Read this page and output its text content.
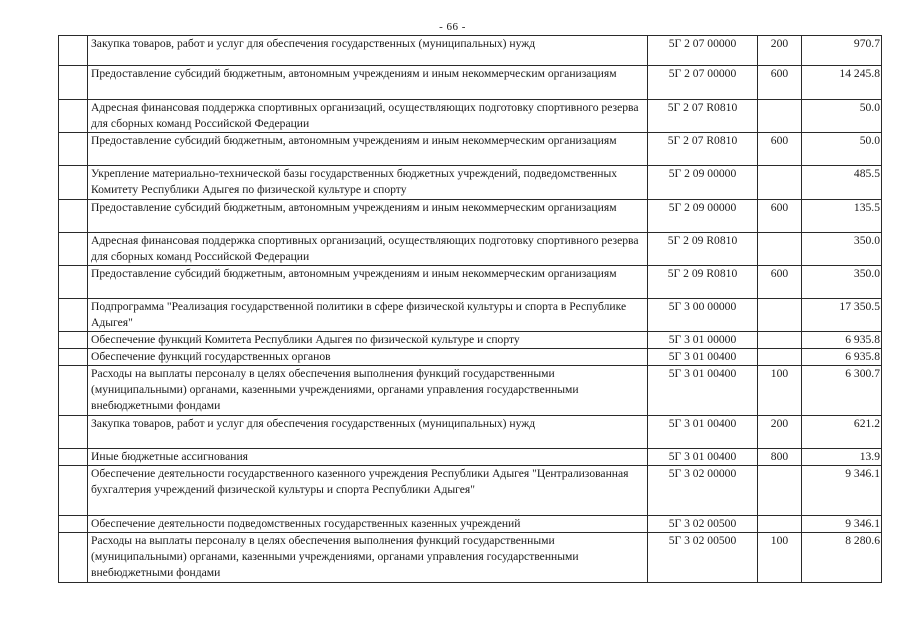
- 66 -
	Закупка товаров, работ и услуг для обеспечения государственных (муниципальных) нужд	5Г 2 07 00000	200	970.7
	Предоставление субсидий бюджетным, автономным учреждениям и иным некоммерческим организациям	5Г 2 07 00000	600	14 245.8
	Адресная финансовая поддержка спортивных организаций, осуществляющих подготовку спортивного резерва для сборных команд Российской Федерации	5Г 2 07 R0810		50.0
	Предоставление субсидий бюджетным, автономным учреждениям и иным некоммерческим организациям	5Г 2 07 R0810	600	50.0
	Укрепление материально-технической базы государственных бюджетных учреждений, подведомственных Комитету Республики Адыгея по физической культуре и спорту	5Г 2 09 00000		485.5
	Предоставление субсидий бюджетным, автономным учреждениям и иным некоммерческим организациям	5Г 2 09 00000	600	135.5
	Адресная финансовая поддержка спортивных организаций, осуществляющих подготовку спортивного резерва для сборных команд Российской Федерации	5Г 2 09 R0810		350.0
	Предоставление субсидий бюджетным, автономным учреждениям и иным некоммерческим организациям	5Г 2 09 R0810	600	350.0
	Подпрограмма "Реализация государственной политики в сфере физической культуры и спорта в Республике Адыгея"	5Г 3 00 00000		17 350.5
	Обеспечение функций Комитета Республики Адыгея по физической культуре и спорту	5Г 3 01 00000		6 935.8
	Обеспечение функций государственных органов	5Г 3 01 00400		6 935.8
	Расходы на выплаты персоналу в целях обеспечения выполнения функций государственными (муниципальными) органами, казенными учреждениями, органами управления государственными внебюджетными фондами	5Г 3 01 00400	100	6 300.7
	Закупка товаров, работ и услуг для обеспечения государственных (муниципальных) нужд	5Г 3 01 00400	200	621.2
	Иные бюджетные ассигнования	5Г 3 01 00400	800	13.9
	Обеспечение деятельности государственного казенного учреждения Республики Адыгея "Централизованная бухгалтерия учреждений физической культуры и спорта Республики Адыгея"	5Г 3 02 00000		9 346.1
	Обеспечение деятельности подведомственных государственных казенных учреждений	5Г 3 02 00500		9 346.1
	Расходы на выплаты персоналу в целях обеспечения выполнения функций государственными (муниципальными) органами, казенными учреждениями, органами управления государственными внебюджетными фондами	5Г 3 02 00500	100	8 280.6
